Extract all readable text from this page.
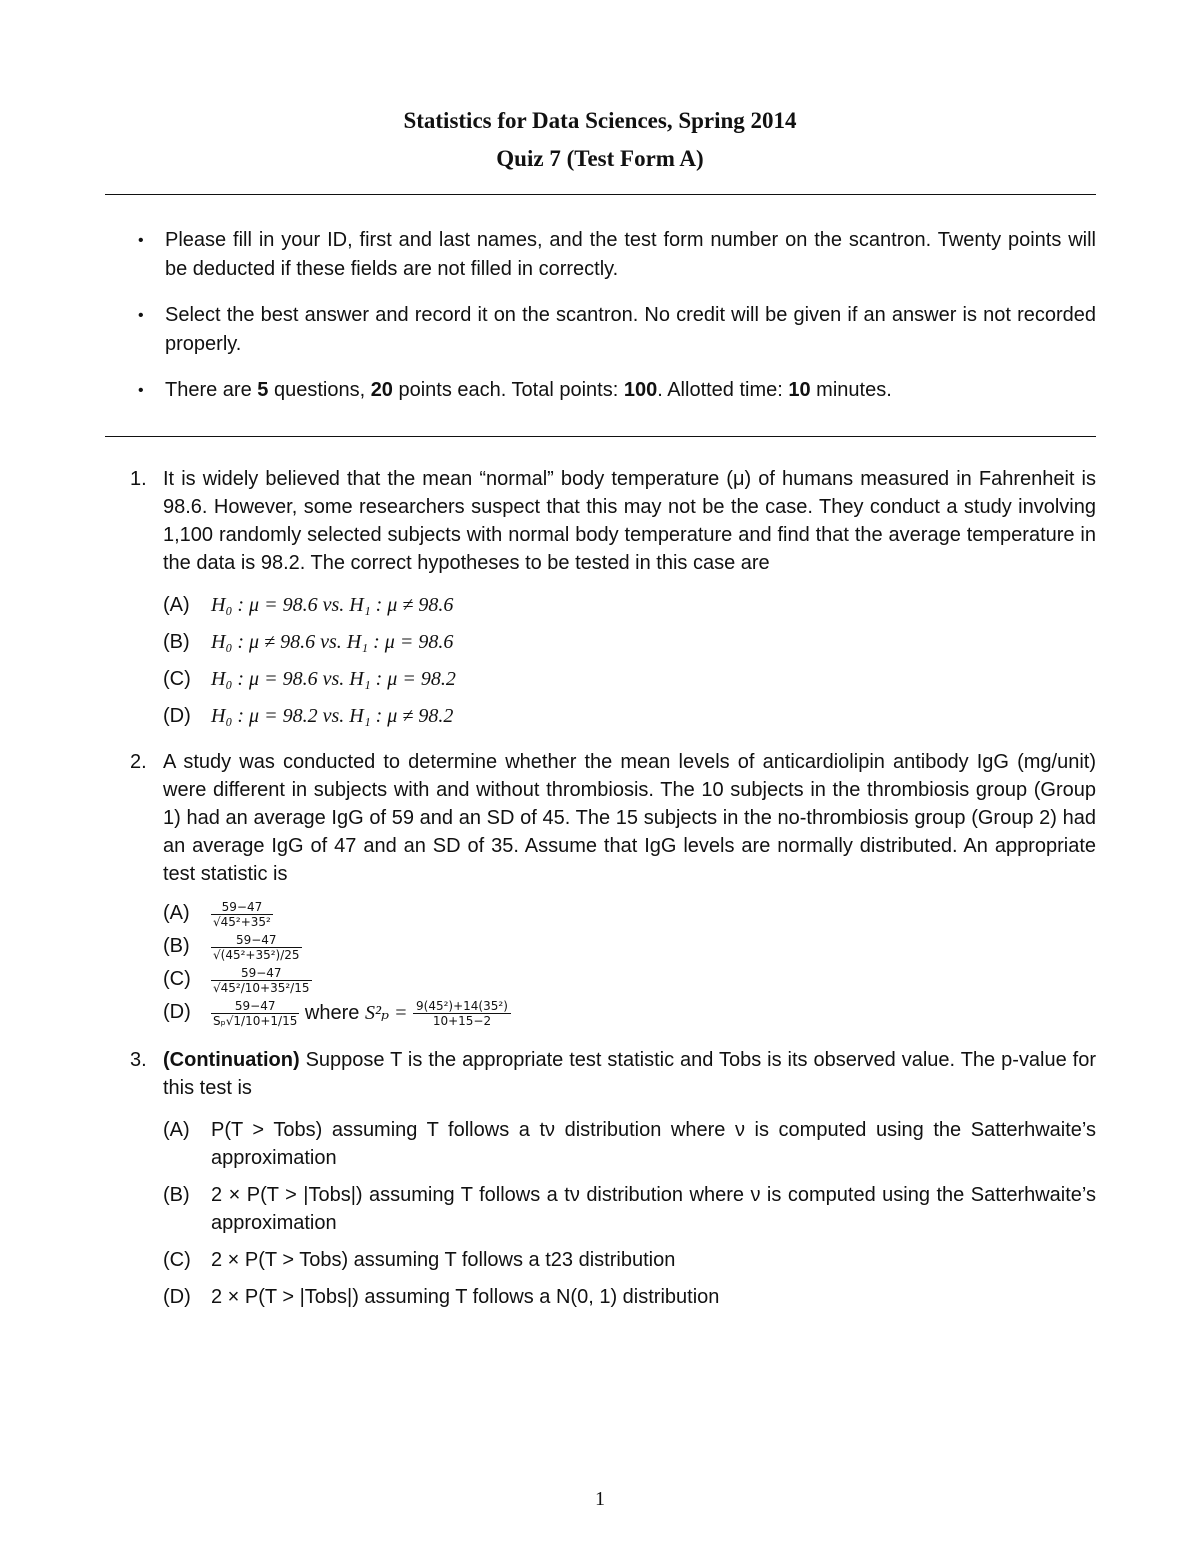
Statistics for Data Sciences, Spring 2014
Quiz 7 (Test Form A)
• Please fill in your ID, first and last names, and the test form number on the scantron. Twenty points will be deducted if these fields are not filled in correctly.
• Select the best answer and record it on the scantron. No credit will be given if an answer is not recorded properly.
• There are 5 questions, 20 points each. Total points: 100. Allotted time: 10 minutes.
1. It is widely believed that the mean “normal” body temperature (μ) of humans measured in Fahrenheit is 98.6. However, some researchers suspect that this may not be the case. They conduct a study involving 1,100 randomly selected subjects with normal body temperature and find that the average temperature in the data is 98.2. The correct hypotheses to be tested in this case are
(A) H₀ : μ = 98.6 vs. H₁ : μ ≠ 98.6
(B) H₀ : μ ≠ 98.6 vs. H₁ : μ = 98.6
(C) H₀ : μ = 98.6 vs. H₁ : μ = 98.2
(D) H₀ : μ = 98.2 vs. H₁ : μ ≠ 98.2
2. A study was conducted to determine whether the mean levels of anticardiolipin antibody IgG (mg/unit) were different in subjects with and without thrombiosis. The 10 subjects in the thrombiosis group (Group 1) had an average IgG of 59 and an SD of 45. The 15 subjects in the no-thrombiosis group (Group 2) had an average IgG of 47 and an SD of 35. Assume that IgG levels are normally distributed. An appropriate test statistic is
$(A) \frac{59-47}{\text{√45²+35²}}$
$(B) \frac{59-47}{\text{√(45²+35²)/25}}$
$(C) \frac{59-47}{\text{√45²/10+35²/15}}$
$(D) \frac{59-47}{\text{Sₚ√1/10+1/15}}$ where $S^2_p = \frac{\text{9(45²)+14(35²)}}{10+15-2}$
3. (Continuation) Suppose T is the appropriate test statistic and Tobs is its observed value. The p-value for this test is
(A) P(T > Tobs) assuming T follows a tν distribution where ν is computed using the Satterhwaite’s approximation
(B) 2 × P(T > |Tobs|) assuming T follows a tν distribution where ν is computed using the Satterhwaite’s approximation
(C) 2 × P(T > Tobs) assuming T follows a t23 distribution
(D) 2 × P(T > |Tobs|) assuming T follows a N(0, 1) distribution
1
